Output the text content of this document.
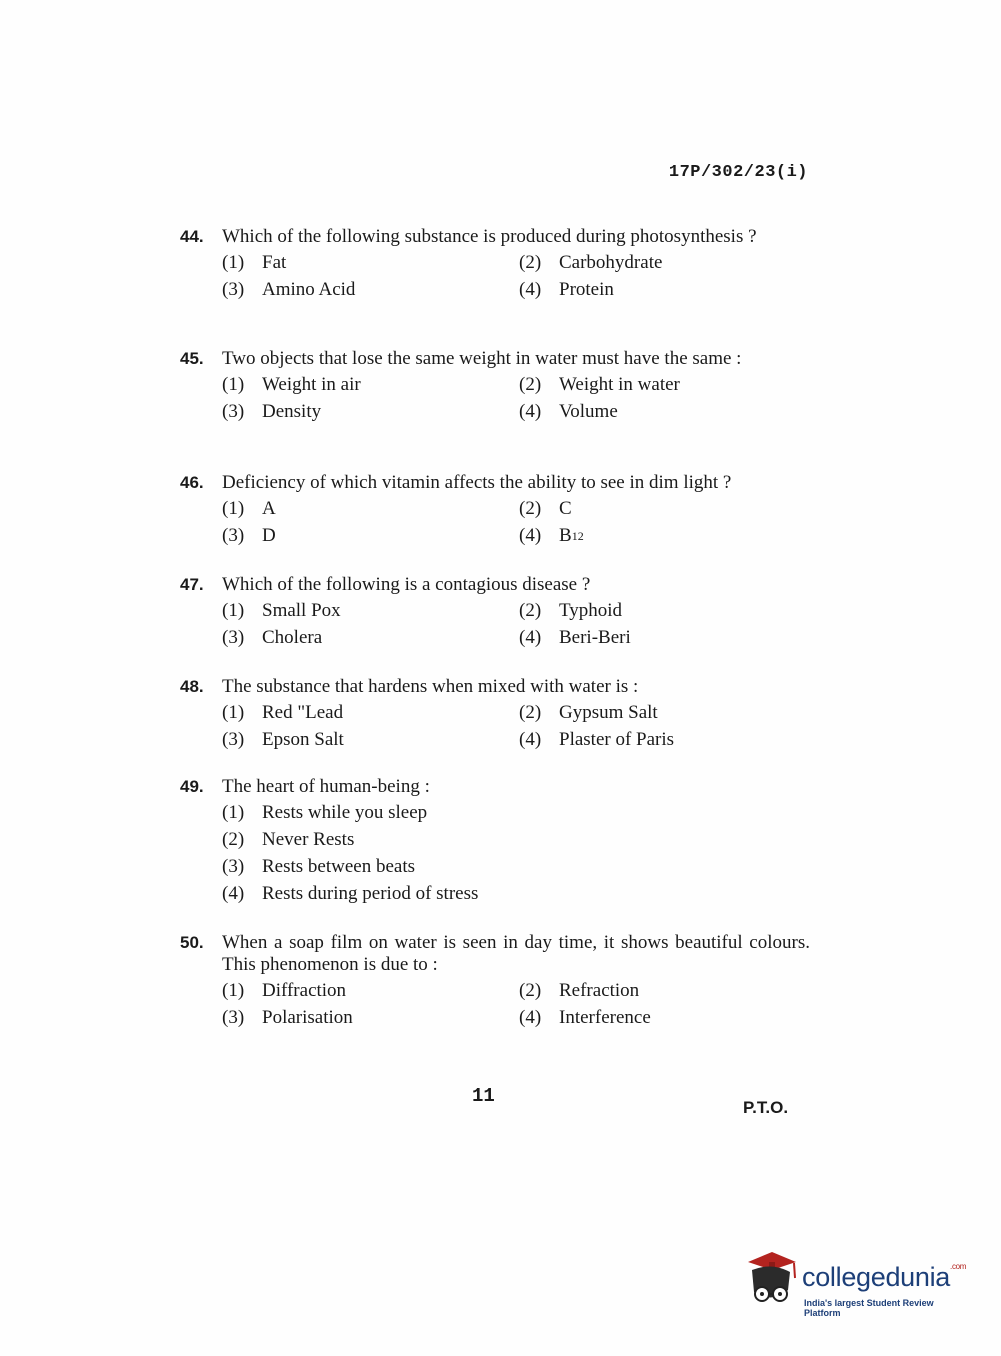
17P/302/23(i)
44. Which of the following substance is produced during photosynthesis ?
(1) Fat	(2) Carbohydrate
(3) Amino Acid	(4) Protein
45. Two objects that lose the same weight in water must have the same :
(1) Weight in air	(2) Weight in water
(3) Density	(4) Volume
46. Deficiency of which vitamin affects the ability to see in dim light ?
(1) A	(2) C
(3) D	(4) B 12
47. Which of the following is a contagious disease ?
(1) Small Pox	(2) Typhoid
(3) Cholera	(4) Beri-Beri
48. The substance that hardens when mixed with water is :
(1) Red "Lead	(2) Gypsum Salt
(3) Epson Salt	(4) Plaster of Paris
49. The heart of human-being :
(1) Rests while you sleep
(2) Never Rests
(3) Rests between beats
(4) Rests during period of stress
50. When a soap film on water is seen in day time, it shows beautiful colours. This phenomenon is due to :
(1) Diffraction	(2) Refraction
(3) Polarisation	(4) Interference
11
P.T.O.
collegedunia$^{.com}$
India's largest Student Review Platform
